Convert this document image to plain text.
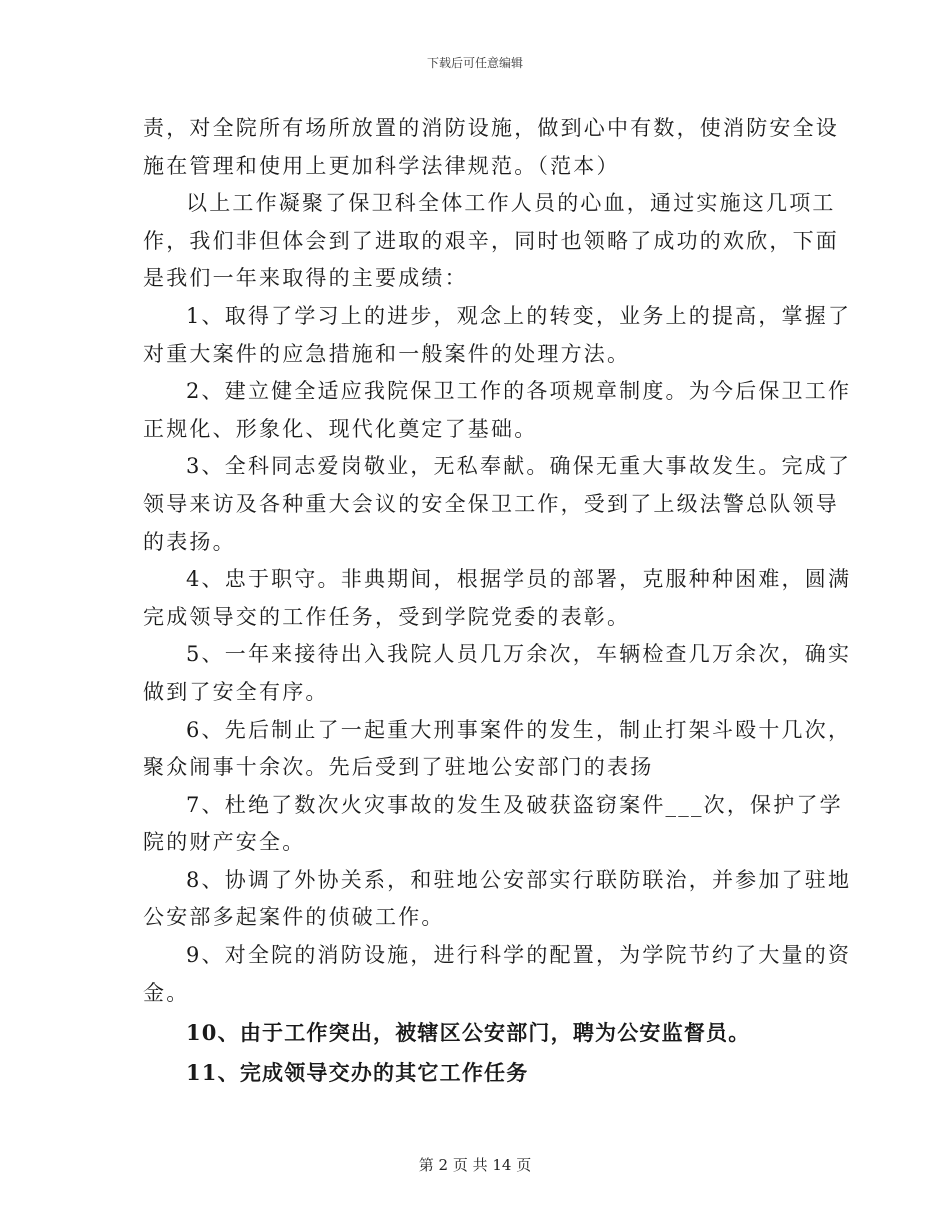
下载后可任意编辑
责，对全院所有场所放置的消防设施，做到心中有数，使消防安全设
施在管理和使用上更加科学法律规范。（范本）
以上工作凝聚了保卫科全体工作人员的心血，通过实施这几项工
作，我们非但体会到了进取的艰辛，同时也领略了成功的欢欣，下面
是我们一年来取得的主要成绩：
1、取得了学习上的进步，观念上的转变，业务上的提高，掌握了
对重大案件的应急措施和一般案件的处理方法。
2、建立健全适应我院保卫工作的各项规章制度。为今后保卫工作
正规化、形象化、现代化奠定了基础。
3、全科同志爱岗敬业，无私奉献。确保无重大事故发生。完成了
领导来访及各种重大会议的安全保卫工作，受到了上级法警总队领导
的表扬。
4、忠于职守。非典期间，根据学员的部署，克服种种困难，圆满
完成领导交的工作任务，受到学院党委的表彰。
5、一年来接待出入我院人员几万余次，车辆检查几万余次，确实
做到了安全有序。
6、先后制止了一起重大刑事案件的发生，制止打架斗殴十几次，
聚众闹事十余次。先后受到了驻地公安部门的表扬
7、杜绝了数次火灾事故的发生及破获盗窃案件___次，保护了学
院的财产安全。
8、协调了外协关系，和驻地公安部实行联防联治，并参加了驻地
公安部多起案件的侦破工作。
9、对全院的消防设施，进行科学的配置，为学院节约了大量的资
金。
10、由于工作突出，被辖区公安部门，聘为公安监督员。
11、完成领导交办的其它工作任务
第 2 页 共 14 页
